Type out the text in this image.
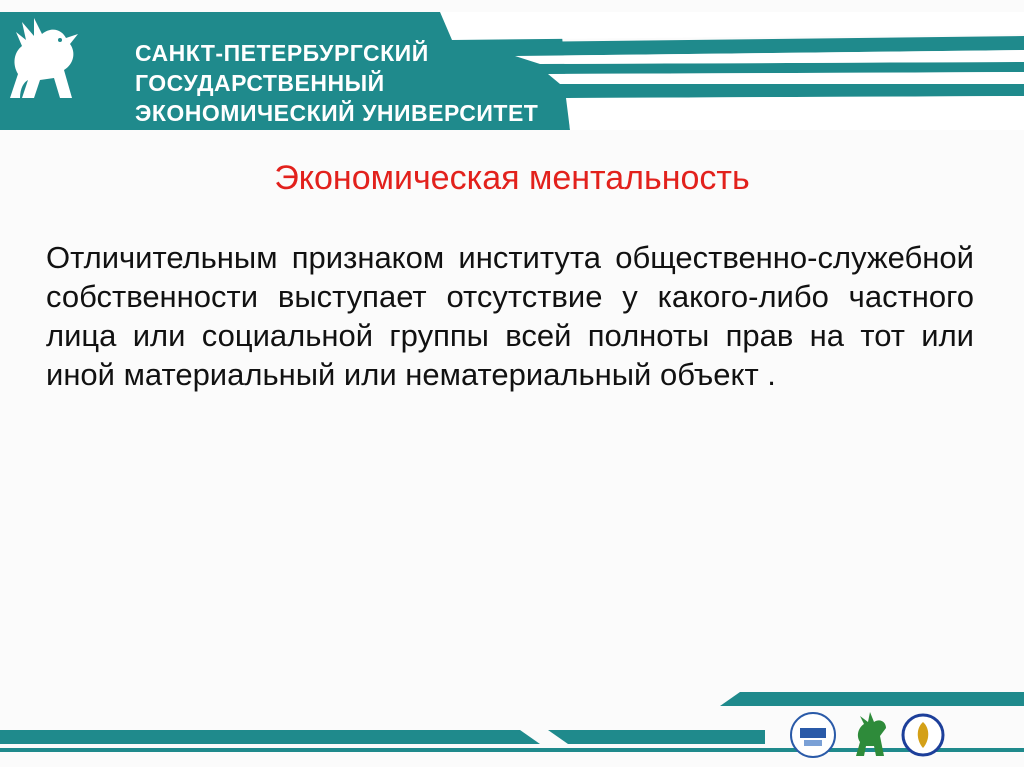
САНКТ-ПЕТЕРБУРГСКИЙ
ГОСУДАРСТВЕННЫЙ
ЭКОНОМИЧЕСКИЙ УНИВЕРСИТЕТ
Экономическая ментальность
Отличительным признаком института общественно-служебной собственности выступает отсутствие у какого-либо частного лица или социальной группы всей полноты прав на тот или иной материальный или нематериальный объект .
